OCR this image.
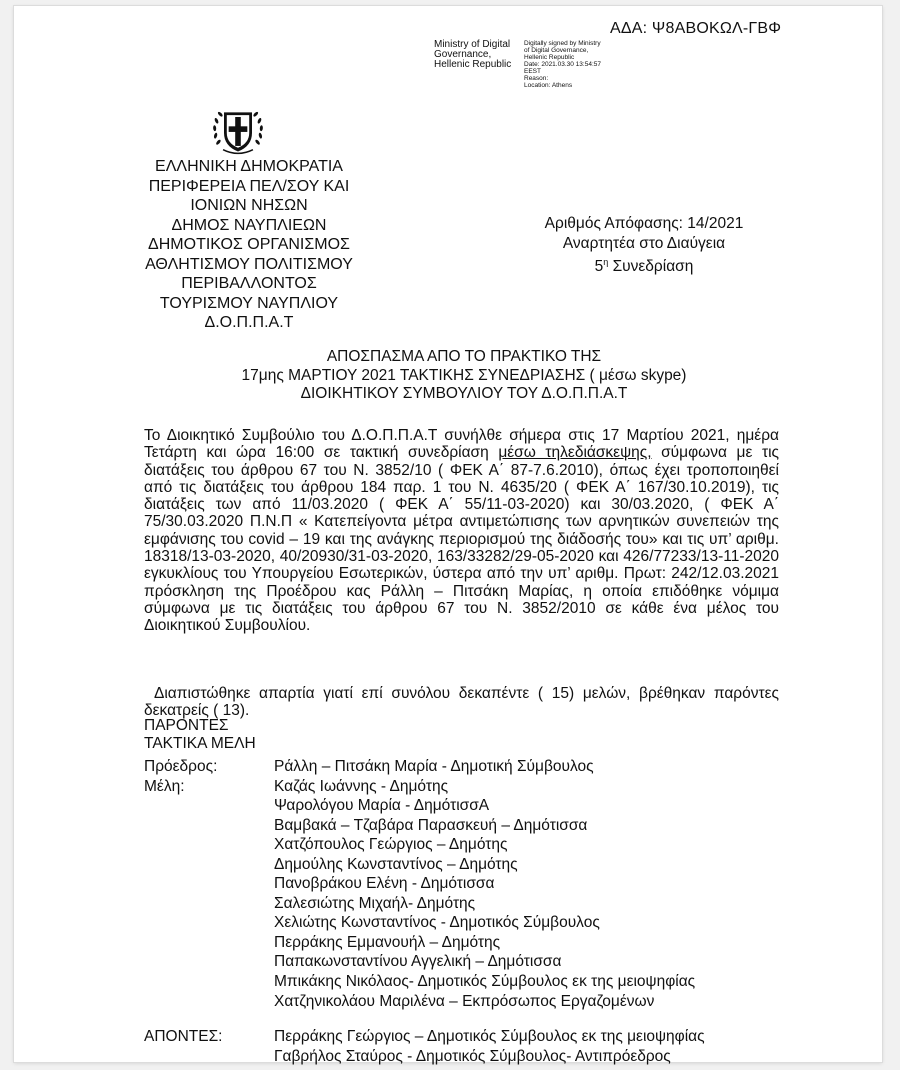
ΑΔΑ: Ψ8ΑΒΟΚΩΛ-ΓΒΦ
Ministry of Digital
Governance,
Hellenic Republic
Digitally signed by Ministry
of Digital Governance,
Hellenic Republic
Date: 2021.03.30 13:54:57
EEST
Reason:
Location: Athens
ΕΛΛΗΝΙΚΗ ΔΗΜΟΚΡΑΤΙΑ
ΠΕΡΙΦΕΡΕΙΑ ΠΕΛ/ΣΟΥ ΚΑΙ
ΙΟΝΙΩΝ ΝΗΣΩΝ
ΔΗΜΟΣ ΝΑΥΠΛΙΕΩΝ
ΔΗΜΟΤΙΚΟΣ ΟΡΓΑΝΙΣΜΟΣ
ΑΘΛΗΤΙΣΜΟΥ ΠΟΛΙΤΙΣΜΟΥ
ΠΕΡΙΒΑΛΛΟΝΤΟΣ
ΤΟΥΡΙΣΜΟΥ ΝΑΥΠΛΙΟΥ
Δ.Ο.Π.Π.Α.Τ
Αριθμός Απόφασης: 14/2021
Αναρτητέα στο Διαύγεια
$5^\eta$ Συνεδρίαση
ΑΠΟΣΠΑΣΜΑ ΑΠΟ ΤΟ ΠΡΑΚΤΙΚΟ ΤΗΣ
17μης ΜΑΡΤΙΟΥ 2021 ΤΑΚΤΙΚΗΣ ΣΥΝΕΔΡΙΑΣΗΣ ( μέσω skype)
ΔΙΟΙΚΗΤΙΚΟΥ ΣΥΜΒΟΥΛΙΟΥ ΤΟΥ Δ.Ο.Π.Π.Α.Τ
Το Διοικητικό Συμβούλιο του Δ.Ο.Π.Π.Α.Τ συνήλθε σήμερα στις 17 Μαρτίου 2021, ημέρα Τετάρτη και ώρα 16:00 σε τακτική συνεδρίαση μέσω τηλεδιάσκεψης, σύμφωνα με τις διατάξεις του άρθρου 67 του Ν. 3852/10 ( ΦΕΚ Α΄ 87-7.6.2010), όπως έχει τροποποιηθεί από τις διατάξεις του άρθρου 184 παρ. 1 του Ν. 4635/20 ( ΦΕΚ Α΄ 167/30.10.2019), τις διατάξεις των από 11/03.2020 ( ΦΕΚ Α΄ 55/11-03-2020) και 30/03.2020, ( ΦΕΚ Α΄ 75/30.03.2020 Π.Ν.Π « Κατεπείγοντα μέτρα αντιμετώπισης των αρνητικών συνεπειών της εμφάνισης του covid – 19 και της ανάγκης περιορισμού της διάδοσής του» και τις υπ’ αριθμ. 18318/13-03-2020, 40/20930/31-03-2020, 163/33282/29-05-2020 και 426/77233/13-11-2020 εγκυκλίους του Υπουργείου Εσωτερικών, ύστερα από την υπ’ αριθμ. Πρωτ: 242/12.03.2021 πρόσκληση της Προέδρου κας Ράλλη – Πιτσάκη Μαρίας, η οποία επιδόθηκε νόμιμα σύμφωνα με τις διατάξεις του άρθρου 67 του Ν. 3852/2010 σε κάθε ένα μέλος του Διοικητικού Συμβουλίου.
Διαπιστώθηκε απαρτία γιατί επί συνόλου δεκαπέντε ( 15) μελών, βρέθηκαν παρόντες δεκατρείς ( 13).
ΠΑΡΟΝΤΕΣ
ΤΑΚΤΙΚΑ ΜΕΛΗ
Πρόεδρος:	Ράλλη – Πιτσάκη Μαρία - Δημοτική Σύμβουλος
Μέλη:	Καζάς Ιωάννης - Δημότης
Ψαρολόγου Μαρία - ΔημότισσΑ
Βαμβακά – Τζαβάρα Παρασκευή – Δημότισσα
Χατζόπουλος Γεώργιος – Δημότης
Δημούλης Κωνσταντίνος – Δημότης
Πανοβράκου Ελένη - Δημότισσα
Σαλεσιώτης Μιχαήλ- Δημότης
Χελιώτης Κωνσταντίνος - Δημοτικός Σύμβουλος
Περράκης Εμμανουήλ – Δημότης
Παπακωνσταντίνου Αγγελική – Δημότισσα
Μπικάκης Νικόλαος- Δημοτικός Σύμβουλος εκ της μειοψηφίας
Χατζηνικολάου Μαριλένα – Εκπρόσωπος Εργαζομένων
ΑΠΟΝΤΕΣ:	Περράκης Γεώργιος – Δημοτικός Σύμβουλος εκ της μειοψηφίας
Γαβρήλος Σταύρος - Δημοτικός Σύμβουλος- Αντιπρόεδρος
